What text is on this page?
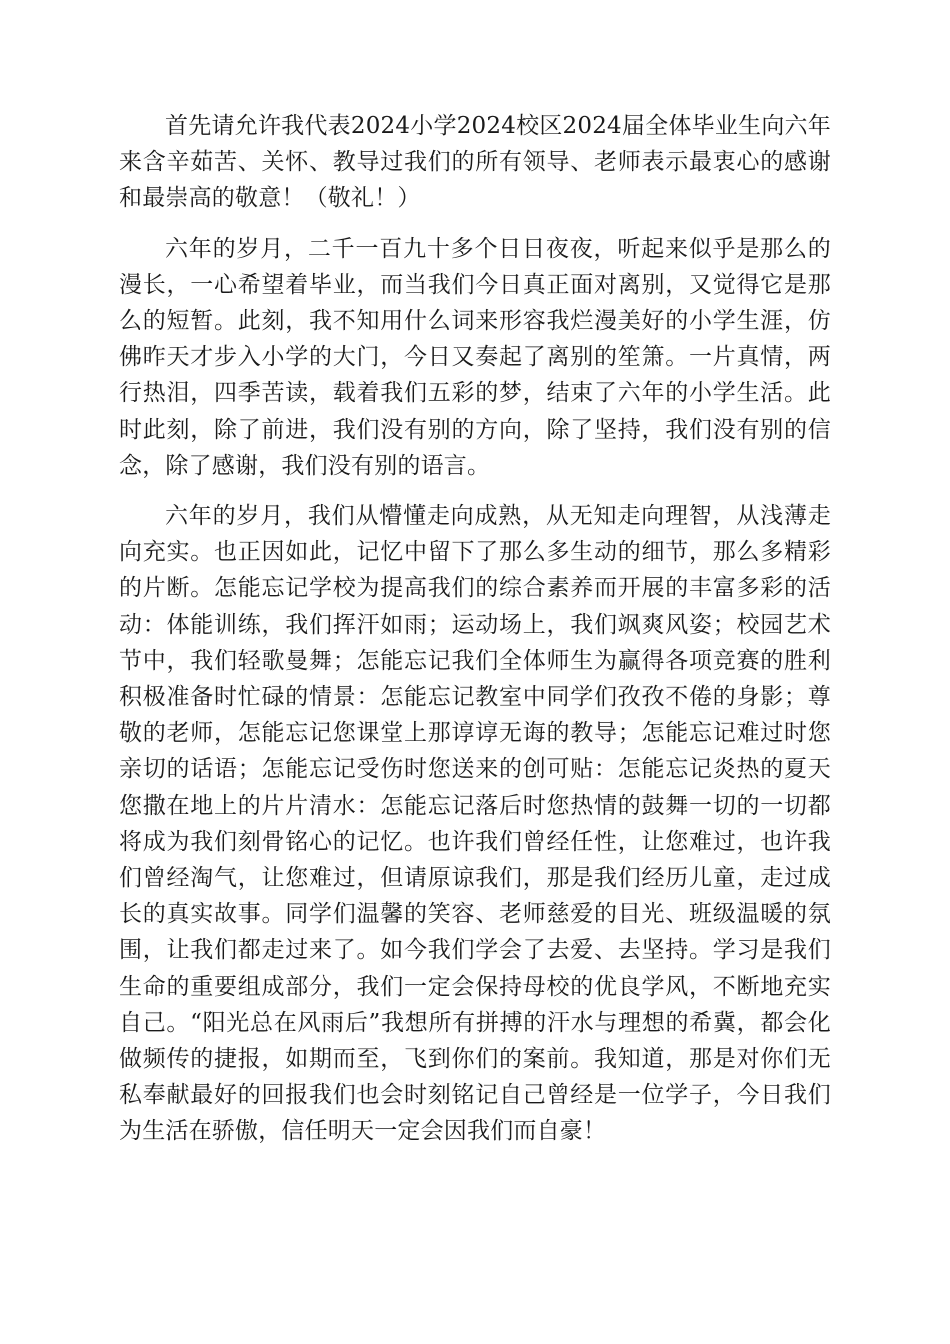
首先请允许我代表2024小学2024校区2024届全体毕业生向六年来含辛茹苦、关怀、教导过我们的所有领导、老师表示最衷心的感谢和最崇高的敬意！（敬礼！）

六年的岁月，二千一百九十多个日日夜夜，听起来似乎是那么的漫长，一心希望着毕业，而当我们今日真正面对离别，又觉得它是那么的短暂。此刻，我不知用什么词来形容我烂漫美好的小学生涯，仿佛昨天才步入小学的大门，今日又奏起了离别的笙箫。一片真情，两行热泪，四季苦读，载着我们五彩的梦，结束了六年的小学生活。此时此刻，除了前进，我们没有别的方向，除了坚持，我们没有别的信念，除了感谢，我们没有别的语言。

六年的岁月，我们从懵懂走向成熟，从无知走向理智，从浅薄走向充实。也正因如此，记忆中留下了那么多生动的细节，那么多精彩的片断。怎能忘记学校为提高我们的综合素养而开展的丰富多彩的活动：体能训练，我们挥汗如雨；运动场上，我们飒爽风姿；校园艺术节中，我们轻歌曼舞；怎能忘记我们全体师生为赢得各项竞赛的胜利积极准备时忙碌的情景：怎能忘记教室中同学们孜孜不倦的身影；尊敬的老师，怎能忘记您课堂上那谆谆无诲的教导；怎能忘记难过时您亲切的话语；怎能忘记受伤时您送来的创可贴：怎能忘记炎热的夏天您撒在地上的片片清水：怎能忘记落后时您热情的鼓舞一切的一切都将成为我们刻骨铭心的记忆。也许我们曾经任性，让您难过，也许我们曾经淘气，让您难过，但请原谅我们，那是我们经历儿童，走过成长的真实故事。同学们温馨的笑容、老师慈爱的目光、班级温暖的氛围，让我们都走过来了。如今我们学会了去爱、去坚持。学习是我们生命的重要组成部分，我们一定会保持母校的优良学风，不断地充实自己。“阳光总在风雨后”我想所有拼搏的汗水与理想的希冀，都会化做频传的捷报，如期而至，飞到你们的案前。我知道，那是对你们无私奉献最好的回报我们也会时刻铭记自己曾经是一位学子，今日我们为生活在骄傲，信任明天一定会因我们而自豪！
